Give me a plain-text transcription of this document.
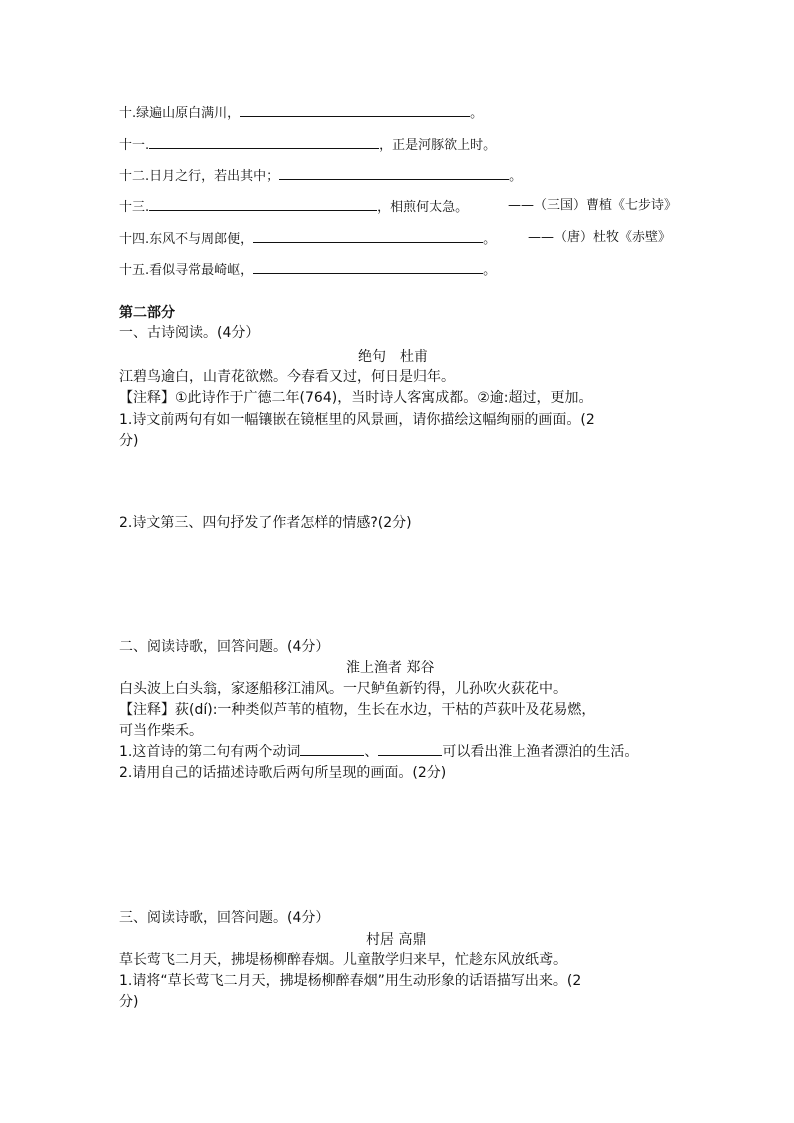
十.绿遍山原白满川，	。
十一.	，正是河豚欲上时。
十二.日月之行，若出其中；	。
十三.	，相煎何太急。	——（三国）曹植《七步诗》
十四.东风不与周郎便，	。 ——（唐）杜牧《赤壁》
十五.看似寻常最崎岖，	。
第二部分
一、古诗阅读。(4分）
绝句　杜甫
江碧鸟逾白，山青花欲燃。今春看又过，何日是归年。
【注释】①此诗作于广德二年(764)，当时诗人客寓成都。②逾:超过，更加。
1.诗文前两句有如一幅镶嵌在镜框里的风景画，请你描绘这幅绚丽的画面。(2
分)
2.诗文第三、四句抒发了作者怎样的情感?(2分)
二、阅读诗歌，回答问题。(4分）
淮上渔者 郑谷
白头波上白头翁，家逐船移江浦风。一尺鲈鱼新钓得，儿孙吹火荻花中。
【注释】荻(dí):一种类似芦苇的植物，生长在水边，干枯的芦荻叶及花易燃，
可当作柴禾。
1.这首诗的第二句有两个动词	、	可以看出淮上渔者漂泊的生活。
2.请用自己的话描述诗歌后两句所呈现的画面。(2分)
三、阅读诗歌，回答问题。(4分）
村居 高鼎
草长莺飞二月天，拂堤杨柳醉春烟。儿童散学归来早，忙趁东风放纸鸢。
1.请将“草长莺飞二月天，拂堤杨柳醉春烟”用生动形象的话语描写出来。(2
分)
